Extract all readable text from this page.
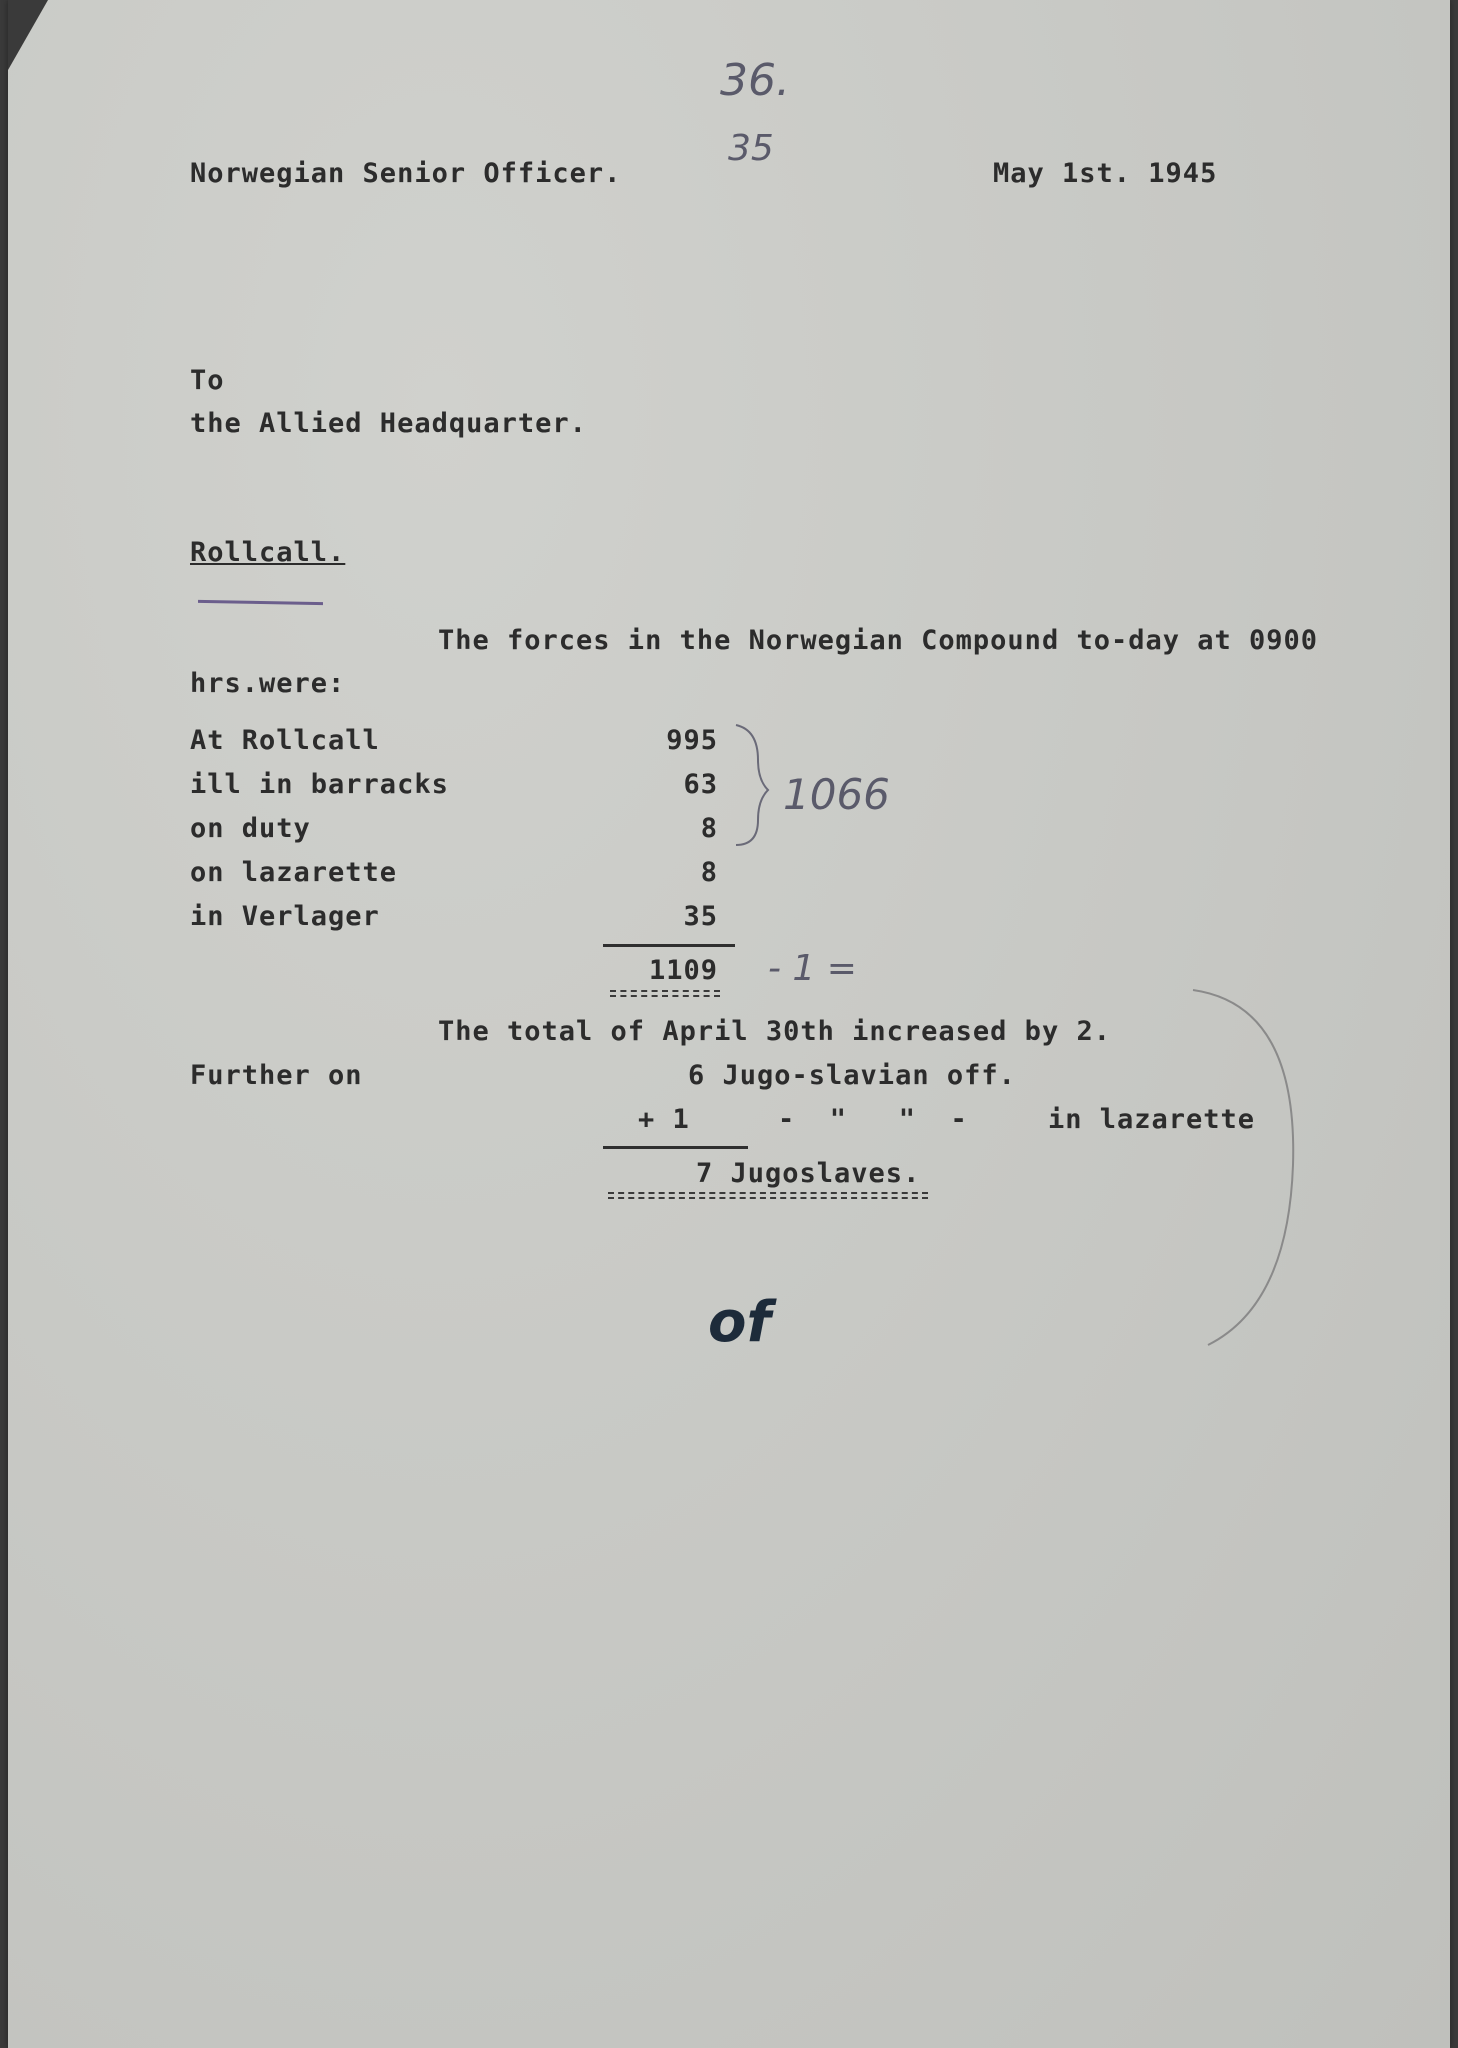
36.
35
Norwegian Senior Officer.	May 1st. 1945
To
the Allied Headquarter.
Rollcall.
The forces in the Norwegian Compound to-day at 0900
hrs.were:
At Rollcall	995
ill in barracks	63
on duty	8
on lazarette	8
in Verlager	35
1066
1109 - 1 =
The total of April 30th increased by 2.
Further on	6 Jugo-slavian off.
+ 1	-  "   "  -	in lazarette
7 Jugoslaves.
of
